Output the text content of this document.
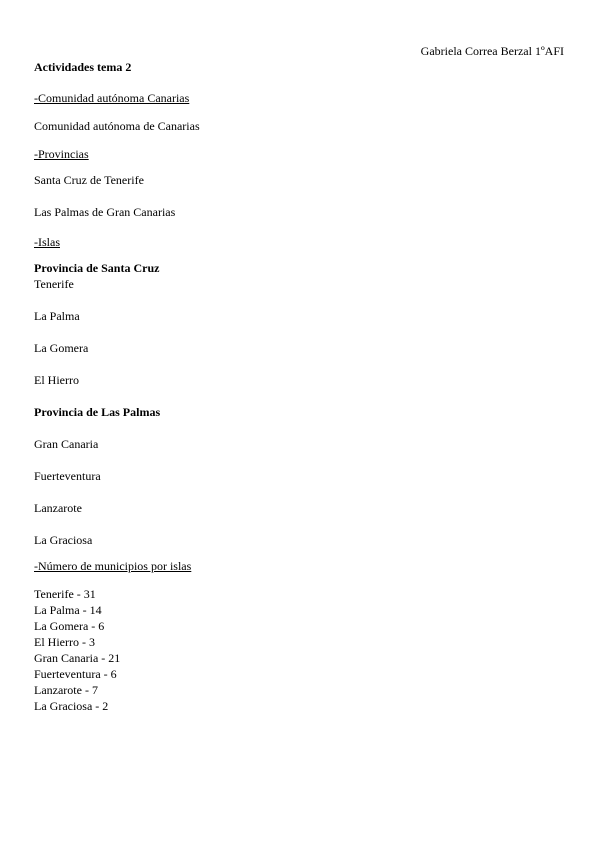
Gabriela Correa Berzal 1ºAFI
Actividades tema 2
-Comunidad autónoma Canarias
Comunidad autónoma de Canarias
-Provincias
Santa Cruz de Tenerife
Las Palmas de Gran Canarias
-Islas
Provincia de Santa Cruz
Tenerife
La Palma
La Gomera
El Hierro
Provincia de Las Palmas
Gran Canaria
Fuerteventura
Lanzarote
La Graciosa
-Número de municipios por islas
Tenerife - 31
La Palma - 14
La Gomera - 6
El Hierro - 3
Gran Canaria - 21
Fuerteventura - 6
Lanzarote - 7
La Graciosa - 2
